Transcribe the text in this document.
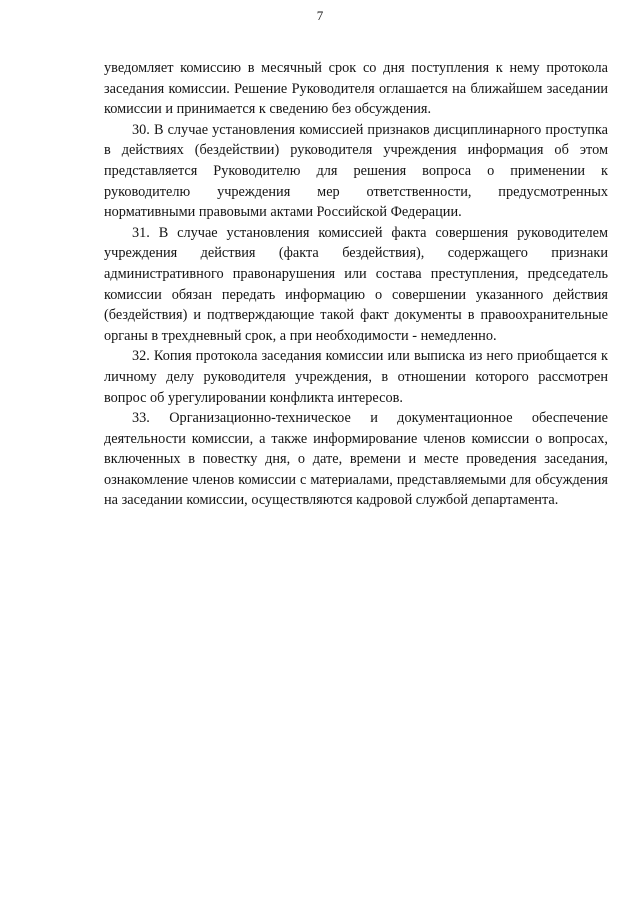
7

уведомляет комиссию в месячный срок со дня поступления к нему протокола заседания комиссии. Решение Руководителя оглашается на ближайшем заседании комиссии и принимается к сведению без обсуждения.

30. В случае установления комиссией признаков дисциплинарного проступка в действиях (бездействии) руководителя учреждения информация об этом представляется Руководителю для решения вопроса о применении к руководителю учреждения мер ответственности, предусмотренных нормативными правовыми актами Российской Федерации.

31. В случае установления комиссией факта совершения руководителем учреждения действия (факта бездействия), содержащего признаки административного правонарушения или состава преступления, председатель комиссии обязан передать информацию о совершении указанного действия (бездействия) и подтверждающие такой факт документы в правоохранительные органы в трехдневный срок, а при необходимости - немедленно.

32. Копия протокола заседания комиссии или выписка из него приобщается к личному делу руководителя учреждения, в отношении которого рассмотрен вопрос об урегулировании конфликта интересов.

33. Организационно-техническое и документационное обеспечение деятельности комиссии, а также информирование членов комиссии о вопросах, включенных в повестку дня, о дате, времени и месте проведения заседания, ознакомление членов комиссии с материалами, представляемыми для обсуждения на заседании комиссии, осуществляются кадровой службой департамента.
